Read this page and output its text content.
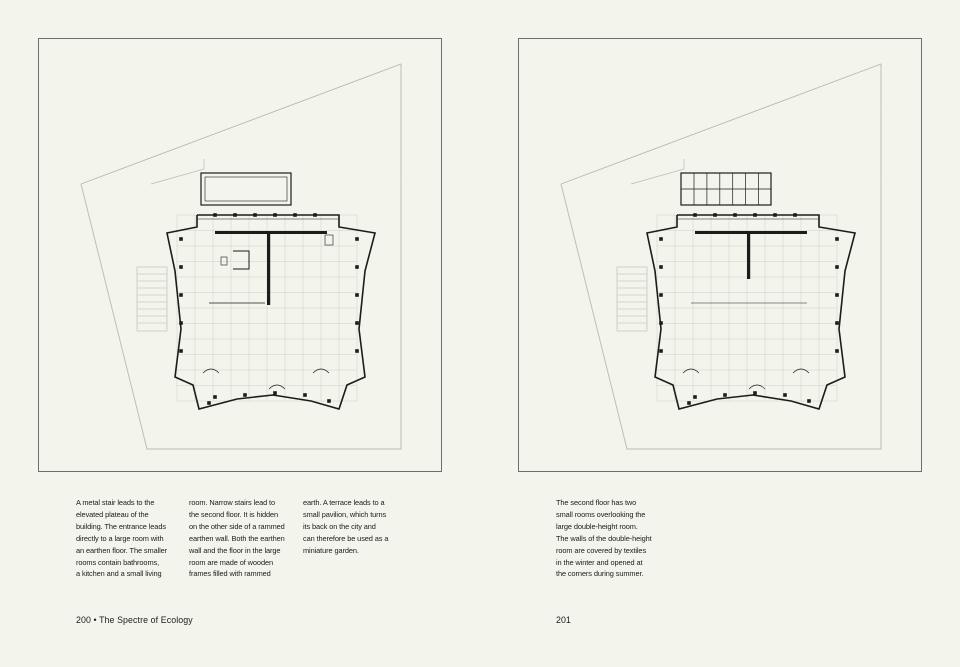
A metal stair leads to the
elevated plateau of the
building. The entrance leads
directly to a large room with
an earthen floor. The smaller
rooms contain bathrooms,
a kitchen and a small living
room. Narrow stairs lead to
the second floor. It is hidden
on the other side of a rammed
earthen wall. Both the earthen
wall and the floor in the large
room are made of wooden
frames filled with rammed
earth. A terrace leads to a
small pavilion, which turns
its back on the city and
can therefore be used as a
miniature garden.
The second floor has two
small rooms overlooking the
large double-height room.
The walls of the double-height
room are covered by textiles
in the winter and opened at
the corners during summer.
200 • The Spectre of Ecology	201
